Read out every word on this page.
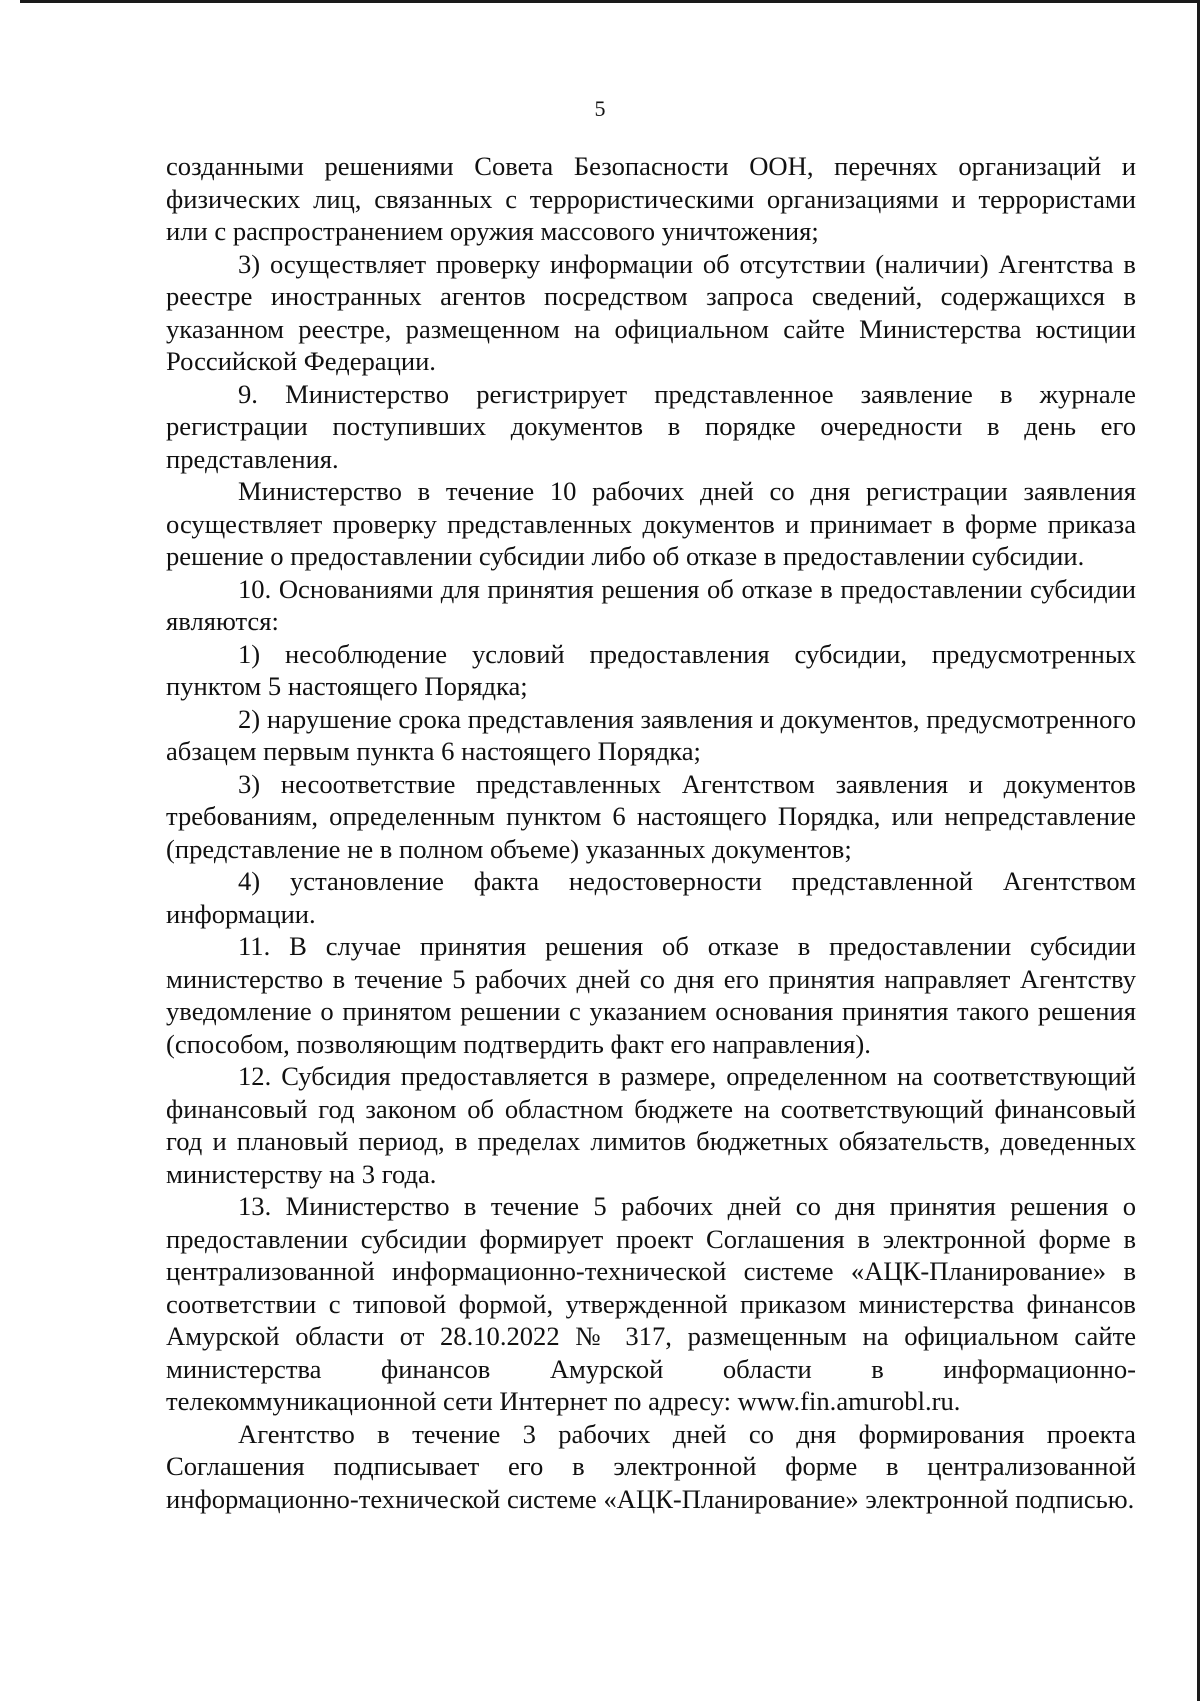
5

созданными решениями Совета Безопасности ООН, перечнях организаций и физических лиц, связанных с террористическими организациями и террористами или с распространением оружия массового уничтожения;

3) осуществляет проверку информации об отсутствии (наличии) Агентства в реестре иностранных агентов посредством запроса сведений, содержащихся в указанном реестре, размещенном на официальном сайте Министерства юстиции Российской Федерации.

9. Министерство регистрирует представленное заявление в журнале регистрации поступивших документов в порядке очередности в день его представления.

Министерство в течение 10 рабочих дней со дня регистрации заявления осуществляет проверку представленных документов и принимает в форме приказа решение о предоставлении субсидии либо об отказе в предоставлении субсидии.

10. Основаниями для принятия решения об отказе в предоставлении субсидии являются:

1) несоблюдение условий предоставления субсидии, предусмотренных пунктом 5 настоящего Порядка;

2) нарушение срока представления заявления и документов, предусмотренного абзацем первым пункта 6 настоящего Порядка;

3) несоответствие представленных Агентством заявления и документов требованиям, определенным пунктом 6 настоящего Порядка, или непредставление (представление не в полном объеме) указанных документов;

4) установление факта недостоверности представленной Агентством информации.

11. В случае принятия решения об отказе в предоставлении субсидии министерство в течение 5 рабочих дней со дня его принятия направляет Агентству уведомление о принятом решении с указанием основания принятия такого решения (способом, позволяющим подтвердить факт его направления).

12. Субсидия предоставляется в размере, определенном на соответствующий финансовый год законом об областном бюджете на соответствующий финансовый год и плановый период, в пределах лимитов бюджетных обязательств, доведенных министерству на 3 года.

13. Министерство в течение 5 рабочих дней со дня принятия решения о предоставлении субсидии формирует проект Соглашения в электронной форме в централизованной информационно-технической системе «АЦК-Планирование» в соответствии с типовой формой, утвержденной приказом министерства финансов Амурской области от 28.10.2022 № 317, размещенным на официальном сайте министерства финансов Амурской области в информационно-телекоммуникационной сети Интернет по адресу: www.fin.amurobl.ru.

Агентство в течение 3 рабочих дней со дня формирования проекта Соглашения подписывает его в электронной форме в централизованной информационно-технической системе «АЦК-Планирование» электронной подписью.
